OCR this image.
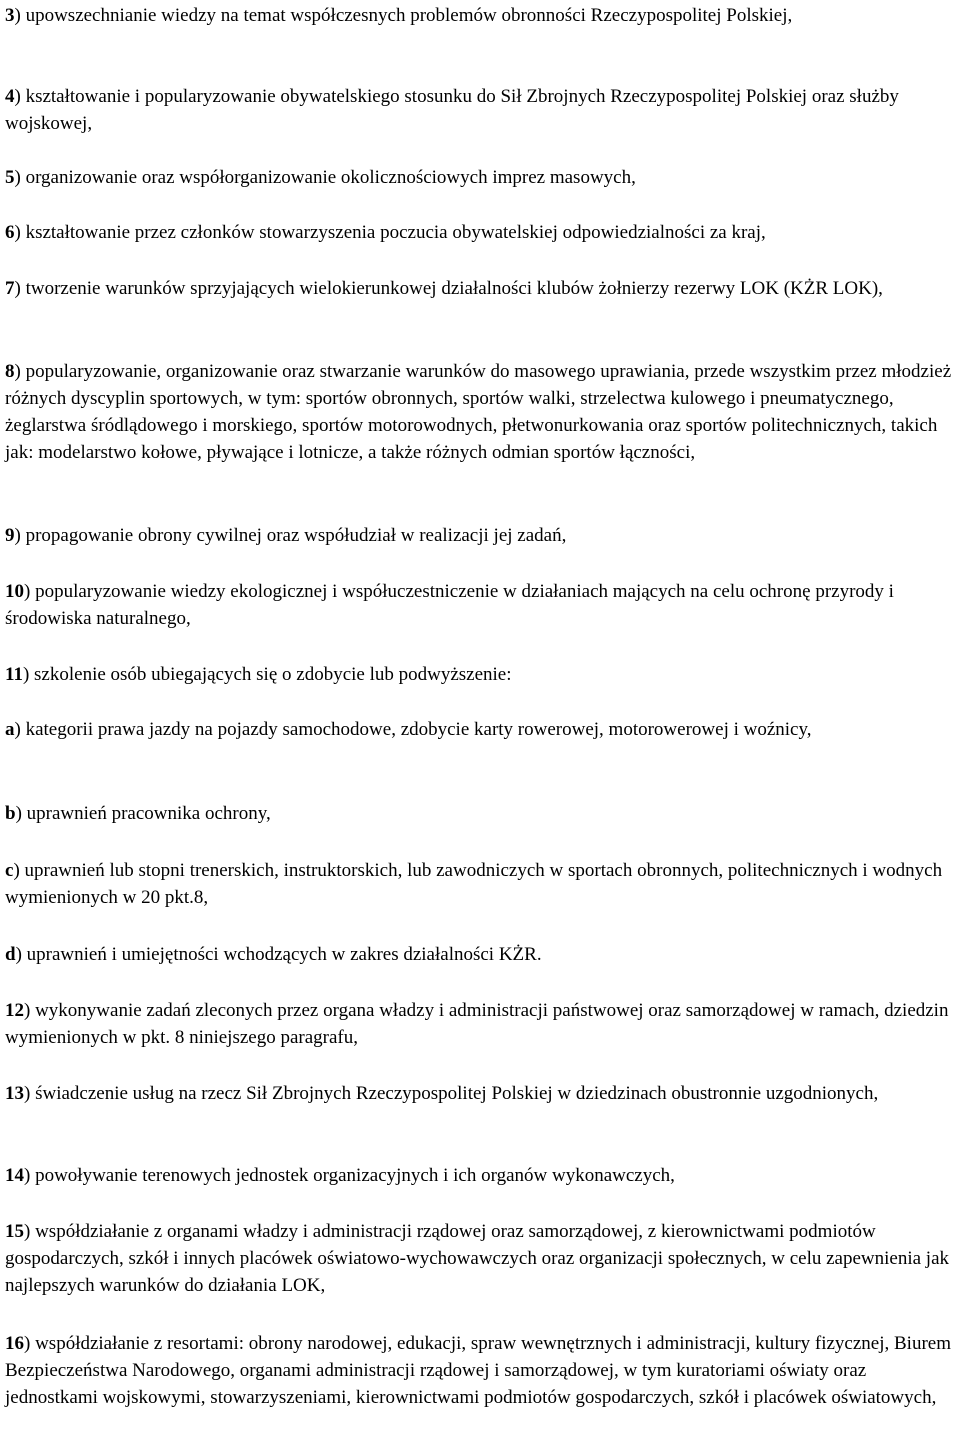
3) upowszechnianie wiedzy na temat współczesnych problemów obronności Rzeczypospolitej Polskiej,

4) kształtowanie i popularyzowanie obywatelskiego stosunku do Sił Zbrojnych Rzeczypospolitej Polskiej oraz służby wojskowej,

5) organizowanie oraz współorganizowanie okolicznościowych imprez masowych,

6) kształtowanie przez członków stowarzyszenia poczucia obywatelskiej odpowiedzialności za kraj,

7) tworzenie warunków sprzyjających wielokierunkowej działalności klubów żołnierzy rezerwy LOK (KŻR LOK),

8) popularyzowanie, organizowanie oraz stwarzanie warunków do masowego uprawiania, przede wszystkim przez młodzież różnych dyscyplin sportowych, w tym: sportów obronnych, sportów walki, strzelectwa kulowego i pneumatycznego, żeglarstwa śródlądowego i morskiego, sportów motorowodnych, płetwonurkowania oraz sportów politechnicznych, takich jak: modelarstwo kołowe, pływające i lotnicze, a także różnych odmian sportów łączności,

9) propagowanie obrony cywilnej oraz współudział w realizacji jej zadań,

10) popularyzowanie wiedzy ekologicznej i współuczestniczenie w działaniach mających na celu ochronę przyrody i środowiska naturalnego,

11) szkolenie osób ubiegających się o zdobycie lub podwyższenie:

a) kategorii prawa jazdy na pojazdy samochodowe, zdobycie karty rowerowej, motorowerowej i woźnicy,

b) uprawnień pracownika ochrony,

c) uprawnień lub stopni trenerskich, instruktorskich, lub zawodniczych w sportach obronnych, politechnicznych i wodnych wymienionych w 20 pkt.8,

d) uprawnień i umiejętności wchodzących w zakres działalności KŻR.

12) wykonywanie zadań zleconych przez organa władzy i administracji państwowej oraz samorządowej w ramach, dziedzin wymienionych w pkt. 8 niniejszego paragrafu,

13) świadczenie usług na rzecz Sił Zbrojnych Rzeczypospolitej Polskiej w dziedzinach obustronnie uzgodnionych,

14) powoływanie terenowych jednostek organizacyjnych i ich organów wykonawczych,

15) współdziałanie z organami władzy i administracji rządowej oraz samorządowej, z kierownictwami podmiotów gospodarczych, szkół i innych placówek oświatowo-wychowawczych oraz organizacji społecznych, w celu zapewnienia jak najlepszych warunków do działania LOK,

16) współdziałanie z resortami: obrony narodowej, edukacji, spraw wewnętrznych i administracji, kultury fizycznej, Biurem Bezpieczeństwa Narodowego, organami administracji rządowej i samorządowej, w tym kuratoriami oświaty oraz jednostkami wojskowymi, stowarzyszeniami, kierownictwami podmiotów gospodarczych, szkół i placówek oświatowych,
